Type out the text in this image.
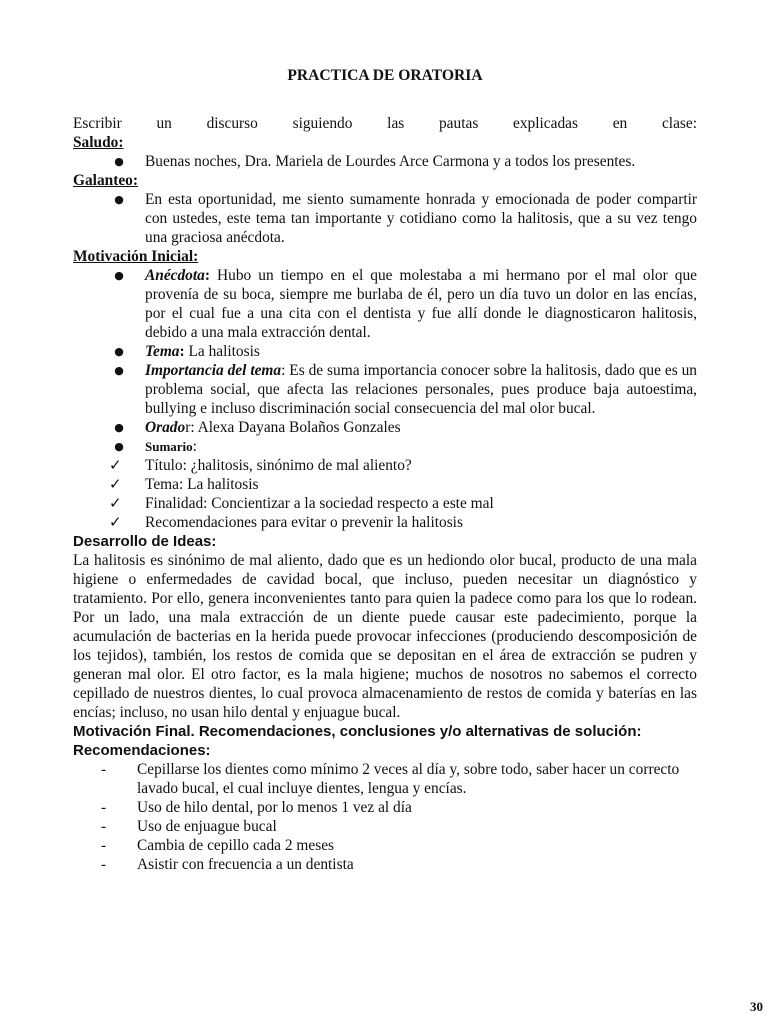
PRACTICA DE ORATORIA

Escribir un discurso siguiendo las pautas explicadas en clase:

Saludo:

● Buenas noches, Dra. Mariela de Lourdes Arce Carmona y a todos los presentes.

Galanteo:

● En esta oportunidad, me siento sumamente honrada y emocionada de poder compartir con ustedes, este tema tan importante y cotidiano como la halitosis, que a su vez tengo una graciosa anécdota.

Motivación Inicial:

● Anécdota: Hubo un tiempo en el que molestaba a mi hermano por el mal olor que provenía de su boca, siempre me burlaba de él, pero un día tuvo un dolor en las encías, por el cual fue a una cita con el dentista y fue allí donde le diagnosticaron halitosis, debido a una mala extracción dental.
● Tema: La halitosis
● Importancia del tema: Es de suma importancia conocer sobre la halitosis, dado que es un problema social, que afecta las relaciones personales, pues produce baja autoestima, bullying e incluso discriminación social consecuencia del mal olor bucal.
● Orador: Alexa Dayana Bolaños Gonzales
● Sumario:
✓ Título: ¿halitosis, sinónimo de mal aliento?
✓ Tema: La halitosis
✓ Finalidad: Concientizar a la sociedad respecto a este mal
✓ Recomendaciones para evitar o prevenir la halitosis

Desarrollo de Ideas:

La halitosis es sinónimo de mal aliento, dado que es un hediondo olor bucal, producto de una mala higiene o enfermedades de cavidad bocal, que incluso, pueden necesitar un diagnóstico y tratamiento. Por ello, genera inconvenientes tanto para quien la padece como para los que lo rodean. Por un lado, una mala extracción de un diente puede causar este padecimiento, porque la acumulación de bacterias en la herida puede provocar infecciones (produciendo descomposición de los tejidos), también, los restos de comida que se depositan en el área de extracción se pudren y generan mal olor. El otro factor, es la mala higiene; muchos de nosotros no sabemos el correcto cepillado de nuestros dientes, lo cual provoca almacenamiento de restos de comida y baterías en las encías; incluso, no usan hilo dental y enjuague bucal.

Motivación Final. Recomendaciones, conclusiones y/o alternativas de solución:

Recomendaciones:

- Cepillarse los dientes como mínimo 2 veces al día y, sobre todo, saber hacer un correcto lavado bucal, el cual incluye dientes, lengua y encías.
- Uso de hilo dental, por lo menos 1 vez al día
- Uso de enjuague bucal
- Cambia de cepillo cada 2 meses
- Asistir con frecuencia a un dentista
30
